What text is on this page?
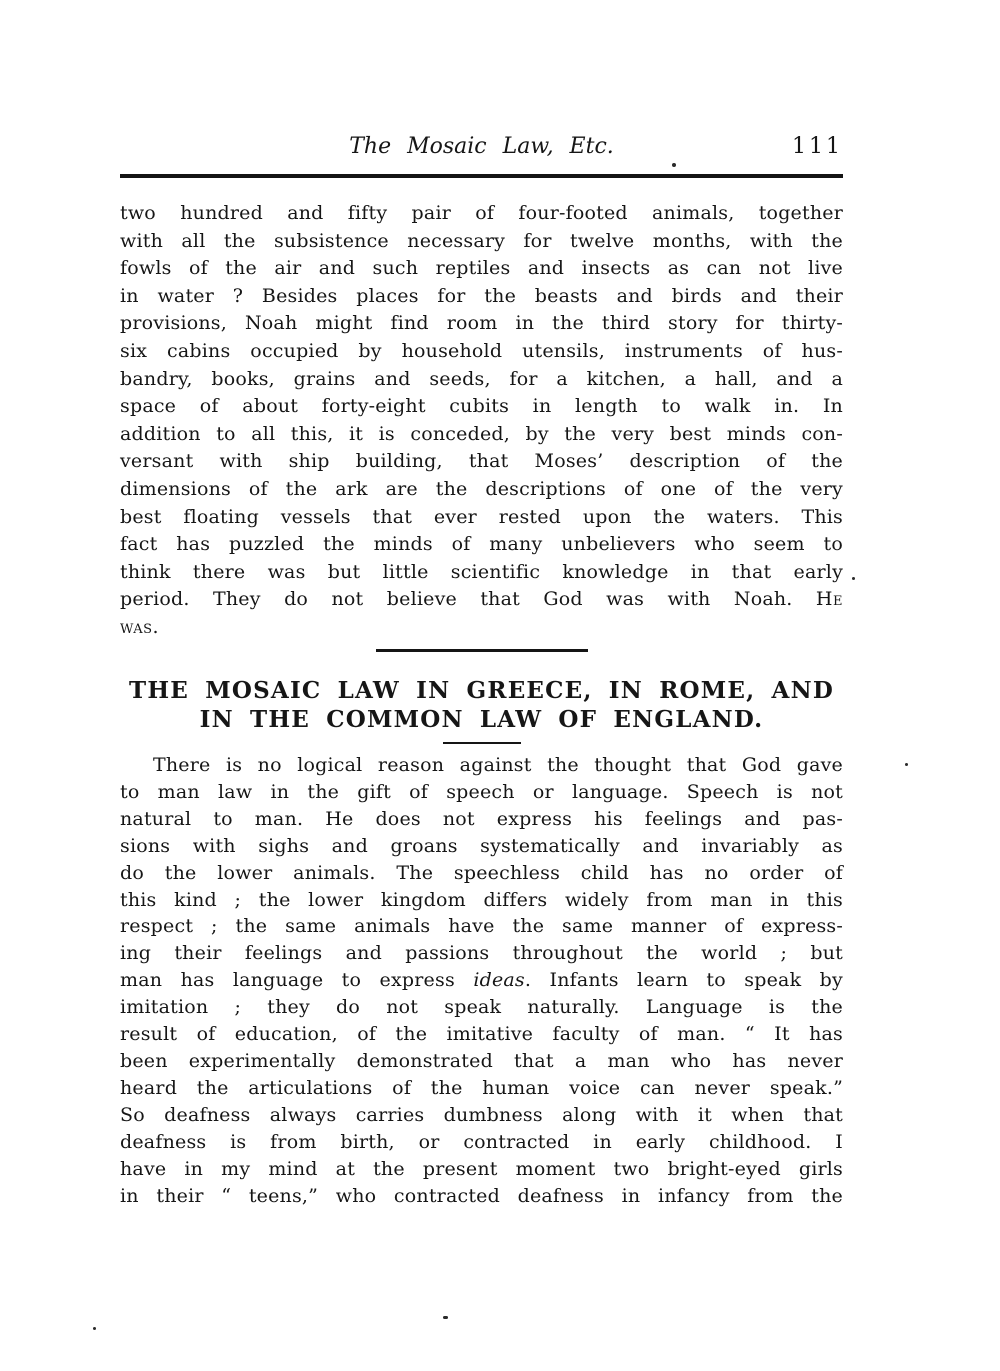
The Mosaic Law, Etc.	111
two hundred and fifty pair of four-footed animals, together
with all the subsistence necessary for twelve months, with the
fowls of the air and such reptiles and insects as can not live
in water ? Besides places for the beasts and birds and their
provisions, Noah might find room in the third story for thirty-
six cabins occupied by household utensils, instruments of hus-
bandry, books, grains and seeds, for a kitchen, a hall, and a
space of about forty-eight cubits in length to walk in. In
addition to all this, it is conceded, by the very best minds con-
versant with ship building, that Moses’ description of the
dimensions of the ark are the descriptions of one of the very
best floating vessels that ever rested upon the waters. This
fact has puzzled the minds of many unbelievers who seem to
think there was but little scientific knowledge in that early
period. They do not believe that God was with Noah. He
was.
THE MOSAIC LAW IN GREECE, IN ROME, AND
IN THE COMMON LAW OF ENGLAND.
There is no logical reason against the thought that God gave
to man law in the gift of speech or language. Speech is not
natural to man. He does not express his feelings and pas-
sions with sighs and groans systematically and invariably as
do the lower animals. The speechless child has no order of
this kind ; the lower kingdom differs widely from man in this
respect ; the same animals have the same manner of express-
ing their feelings and passions throughout the world ; but
man has language to express ideas. Infants learn to speak by
imitation ; they do not speak naturally. Language is the
result of education, of the imitative faculty of man. “ It has
been experimentally demonstrated that a man who has never
heard the articulations of the human voice can never speak.”
So deafness always carries dumbness along with it when that
deafness is from birth, or contracted in early childhood. I
have in my mind at the present moment two bright-eyed girls
in their “ teens,” who contracted deafness in infancy from the
